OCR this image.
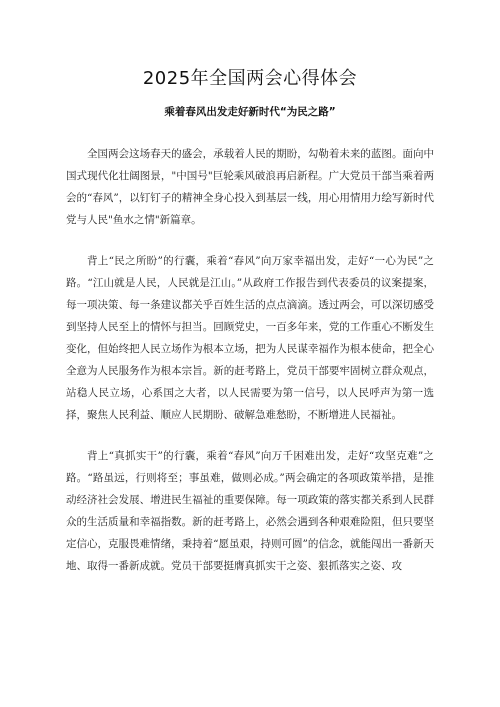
2025年全国两会心得体会
乘着春风出发走好新时代“为民之路”

全国两会这场春天的盛会，承载着人民的期盼，勾勒着未来的蓝图。面向中国式现代化壮阔图景，"中国号"巨轮乘风破浪再启新程。广大党员干部当乘着两会的“春风”，以钉钉子的精神全身心投入到基层一线，用心用情用力绘写新时代党与人民"鱼水之情"新篇章。

背上“民之所盼”的行囊，乘着“春风”向万家幸福出发，走好“一心为民”之路。“江山就是人民，人民就是江山。”从政府工作报告到代表委员的议案提案，每一项决策、每一条建议都关乎百姓生活的点点滴滴。透过两会，可以深切感受到坚持人民至上的情怀与担当。回顾党史，一百多年来，党的工作重心不断发生变化，但始终把人民立场作为根本立场，把为人民谋幸福作为根本使命，把全心全意为人民服务作为根本宗旨。新的赶考路上，党员干部要牢固树立群众观点，站稳人民立场，心系国之大者，以人民需要为第一信号，以人民呼声为第一选择，聚焦人民利益、顺应人民期盼、破解急难愁盼，不断增进人民福祉。

背上“真抓实干”的行囊，乘着“春风”向万千困难出发，走好“攻坚克难”之路。“路虽远，行则将至；事虽难，做则必成。”两会确定的各项政策举措，是推动经济社会发展、增进民生福祉的重要保障。每一项政策的落实都关系到人民群众的生活质量和幸福指数。新的赶考路上，必然会遇到各种艰难险阻，但只要坚定信心，克服畏难情绪，秉持着“愿虽艰，持则可圆”的信念，就能闯出一番新天地、取得一番新成就。党员干部要挺膺真抓实干之姿、狠抓落实之姿、攻
